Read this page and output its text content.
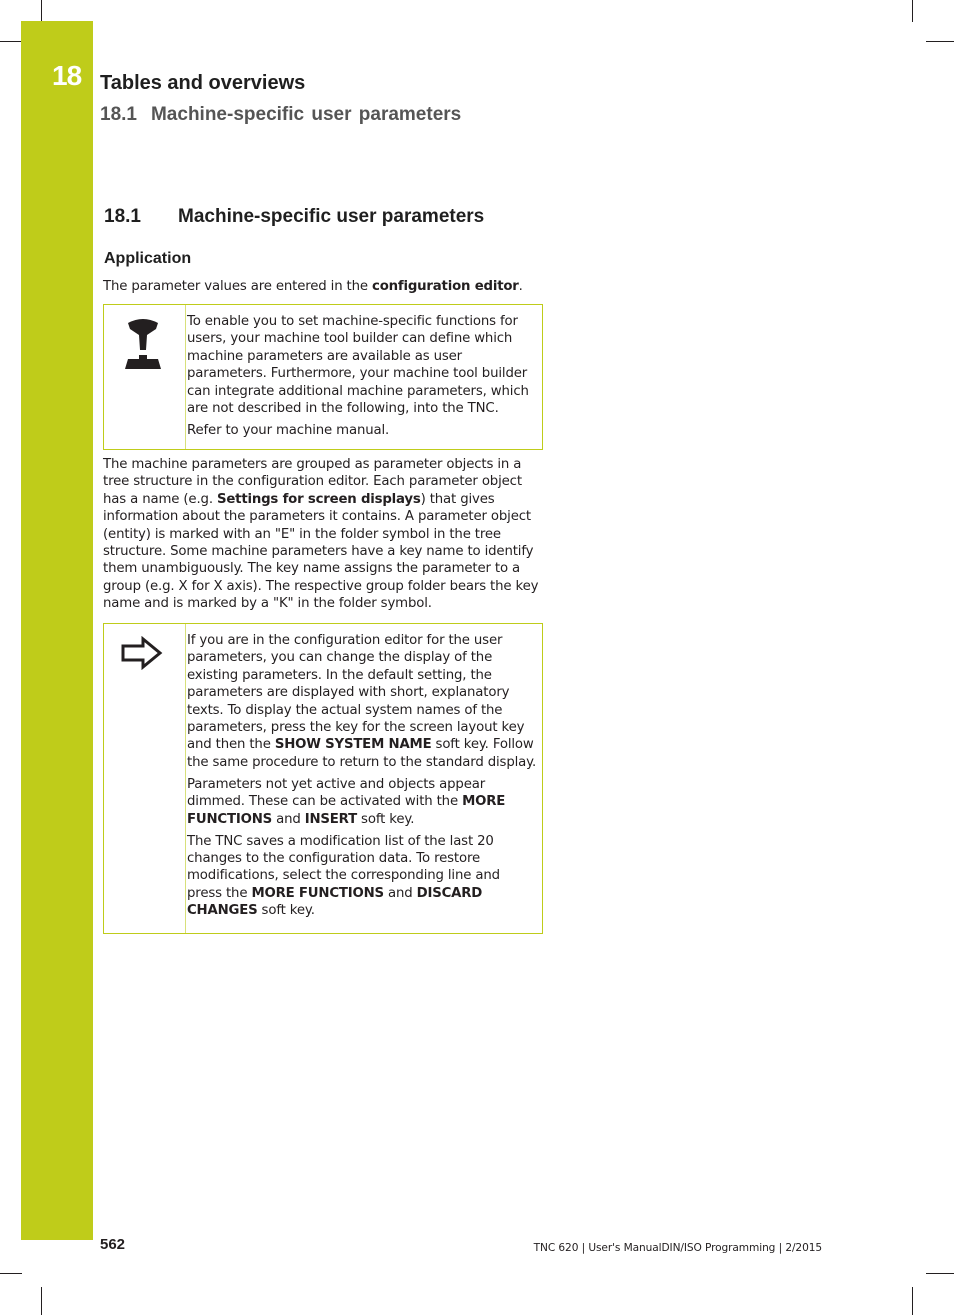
18 Tables and overviews
18.1 Machine-specific user parameters
18.1 Machine-specific user parameters
Application

The parameter values are entered in the configuration editor.

To enable you to set machine-specific functions for users, your machine tool builder can define which machine parameters are available as user parameters. Furthermore, your machine tool builder can integrate additional machine parameters, which are not described in the following, into the TNC.

Refer to your machine manual.

The machine parameters are grouped as parameter objects in a tree structure in the configuration editor. Each parameter object has a name (e.g. Settings for screen displays) that gives information about the parameters it contains. A parameter object (entity) is marked with an "E" in the folder symbol in the tree structure. Some machine parameters have a key name to identify them unambiguously. The key name assigns the parameter to a group (e.g. X for X axis). The respective group folder bears the key name and is marked by a "K" in the folder symbol.

If you are in the configuration editor for the user parameters, you can change the display of the existing parameters. In the default setting, the parameters are displayed with short, explanatory texts. To display the actual system names of the parameters, press the key for the screen layout key and then the SHOW SYSTEM NAME soft key. Follow the same procedure to return to the standard display.

Parameters not yet active and objects appear dimmed. These can be activated with the MORE FUNCTIONS and INSERT soft key.

The TNC saves a modification list of the last 20 changes to the configuration data. To restore modifications, select the corresponding line and press the MORE FUNCTIONS and DISCARD CHANGES soft key.

562	TNC 620 | User's ManualDIN/ISO Programming | 2/2015
